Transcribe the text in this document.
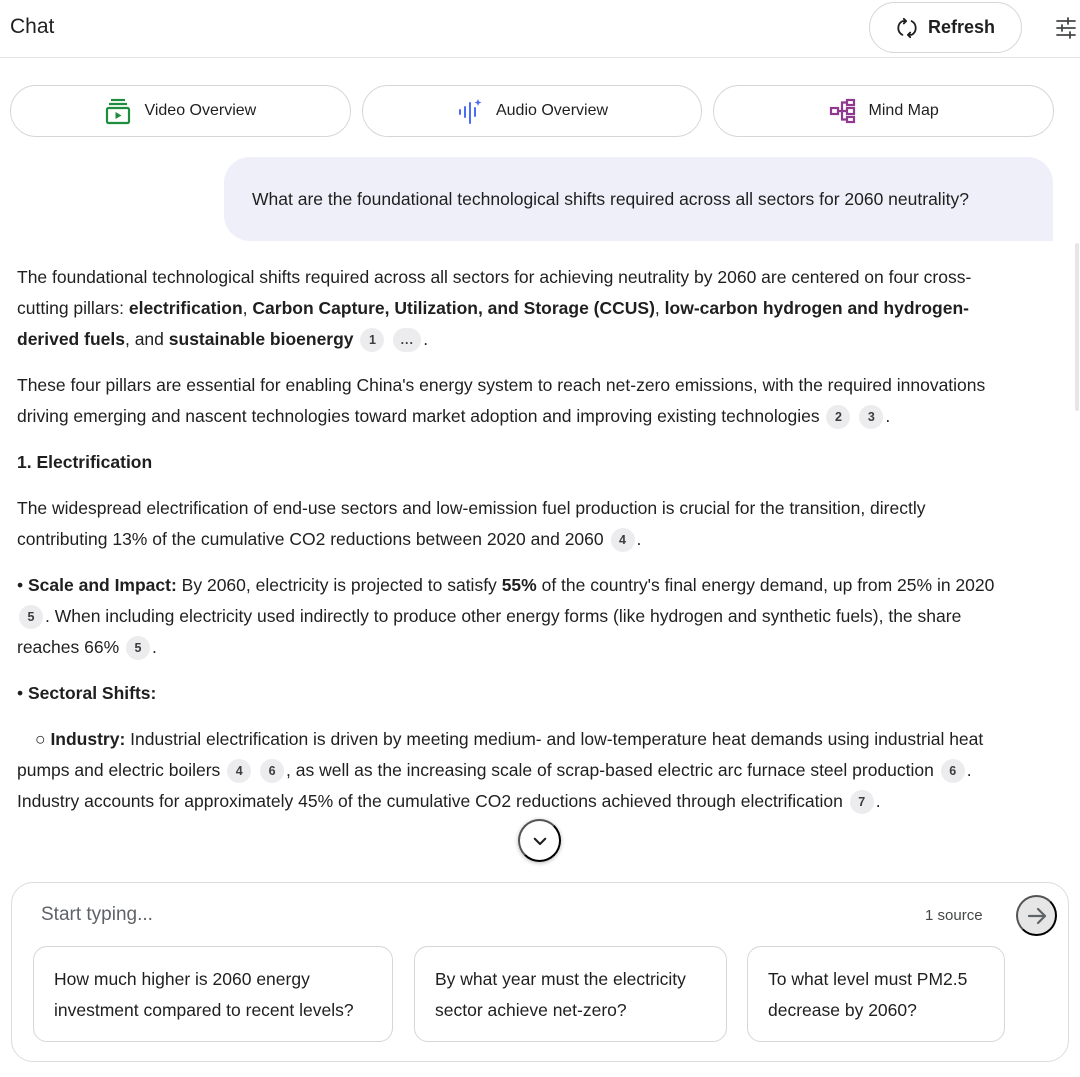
Chat	Refresh
Video Overview	Audio Overview	Mind Map
What are the foundational technological shifts required across all sectors for 2060 neutrality?

The foundational technological shifts required across all sectors for achieving neutrality by 2060 are centered on four cross-cutting pillars: electrification, Carbon Capture, Utilization, and Storage (CCUS), low-carbon hydrogen and hydrogen-derived fuels, and sustainable bioenergy 1 ... .

These four pillars are essential for enabling China's energy system to reach net-zero emissions, with the required innovations driving emerging and nascent technologies toward market adoption and improving existing technologies 2 3 .

1. Electrification

The widespread electrification of end-use sectors and low-emission fuel production is crucial for the transition, directly contributing 13% of the cumulative CO2 reductions between 2020 and 2060 4 .

• Scale and Impact: By 2060, electricity is projected to satisfy 55% of the country's final energy demand, up from 25% in 2020 5 . When including electricity used indirectly to produce other energy forms (like hydrogen and synthetic fuels), the share reaches 66% 5 .

• Sectoral Shifts:

○ Industry: Industrial electrification is driven by meeting medium- and low-temperature heat demands using industrial heat pumps and electric boilers 4 6 , as well as the increasing scale of scrap-based electric arc furnace steel production 6 . Industry accounts for approximately 45% of the cumulative CO2 reductions achieved through electrification 7 .

Start typing...
1 source
How much higher is 2060 energy investment compared to recent levels?
By what year must the electricity sector achieve net-zero?
To what level must PM2.5 decrease by 2060?
